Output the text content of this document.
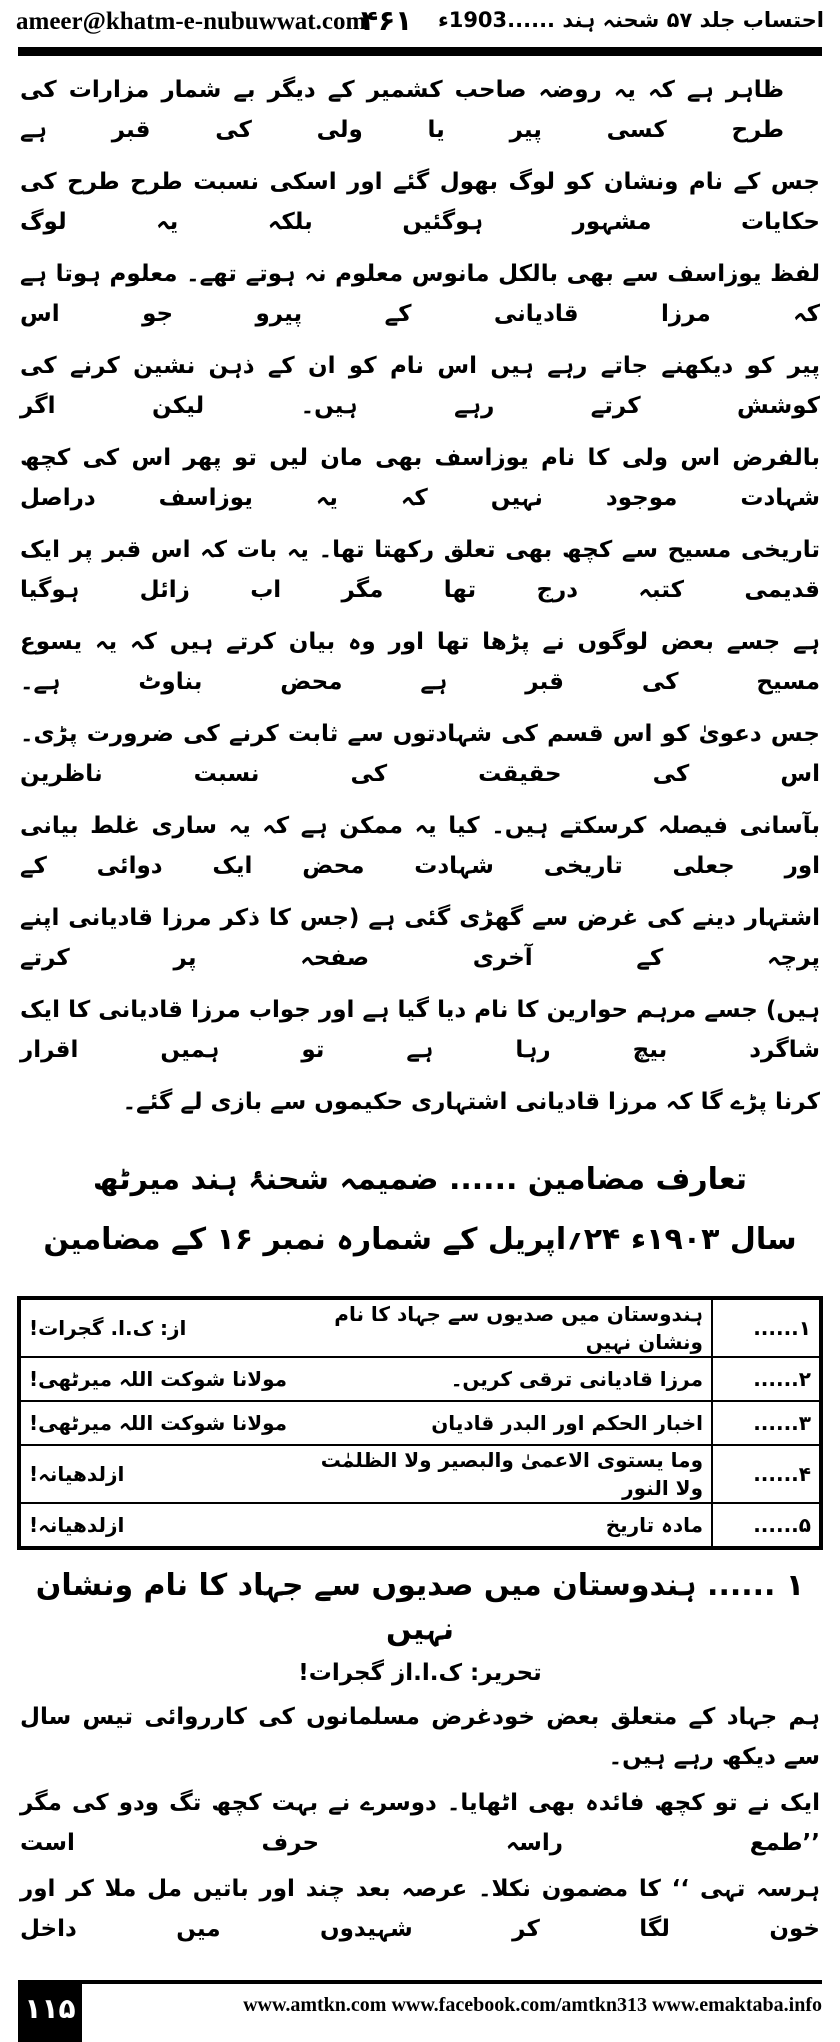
ameer@khatm-e-nubuwwat.com
۴۶۱ احتساب جلد ۵۷ شحنہ ہند ......1903ء
ظاہر ہے کہ یہ روضہ صاحب کشمیر کے دیگر بے شمار مزارات کی طرح کسی پیر یا ولی کی قبر ہے
جس کے نام ونشان کو لوگ بھول گئے اور اسکی نسبت طرح طرح کی حکایات مشہور ہوگئیں بلکہ یہ لوگ
لفظ یوزاسف سے بھی بالکل مانوس معلوم نہ ہوتے تھے۔ معلوم ہوتا ہے کہ مرزا قادیانی کے پیرو جو اس
پیر کو دیکھنے جاتے رہے ہیں اس نام کو ان کے ذہن نشین کرنے کی کوشش کرتے رہے ہیں۔ لیکن اگر
بالفرض اس ولی کا نام یوزاسف بھی مان لیں تو پھر اس کی کچھ شہادت موجود نہیں کہ یہ یوزاسف دراصل
تاریخی مسیح سے کچھ بھی تعلق رکھتا تھا۔ یہ بات کہ اس قبر پر ایک قدیمی کتبہ درج تھا مگر اب زائل ہوگیا
ہے جسے بعض لوگوں نے پڑھا تھا اور وہ بیان کرتے ہیں کہ یہ یسوع مسیح کی قبر ہے محض بناوٹ ہے۔
جس دعویٰ کو اس قسم کی شہادتوں سے ثابت کرنے کی ضرورت پڑی۔ اس کی حقیقت کی نسبت ناظرین
بآسانی فیصلہ کرسکتے ہیں۔ کیا یہ ممکن ہے کہ یہ ساری غلط بیانی اور جعلی تاریخی شہادت محض ایک دوائی کے
اشتہار دینے کی غرض سے گھڑی گئی ہے (جس کا ذکر مرزا قادیانی اپنے پرچہ کے آخری صفحہ پر کرتے
ہیں) جسے مرہم حوارین کا نام دیا گیا ہے اور جواب مرزا قادیانی کا ایک شاگرد بیچ رہا ہے تو ہمیں اقرار
کرنا پڑے گا کہ مرزا قادیانی اشتہاری حکیموں سے بازی لے گئے۔
تعارف مضامین ...... ضمیمہ شحنۂ ہند میرٹھ
سال ۱۹۰۳ء ۲۴؍اپریل کے شمارہ نمبر ۱۶ کے مضامین
۱......	ہندوستان میں صدیوں سے جہاد کا نام ونشان نہیں	از: ک.ا. گجرات!
۲......	مرزا قادیانی ترقی کریں۔	مولانا شوکت اللہ میرٹھی!
۳......	اخبار الحکم اور البدر قادیان	مولانا شوکت اللہ میرٹھی!
۴......	وما یستوی الاعمیٰ والبصیر ولا الظلمٰت ولا النور	ازلدھیانہ!
۵......	مادہ تاریخ	ازلدھیانہ!
۱ ...... ہندوستان میں صدیوں سے جہاد کا نام ونشان نہیں
تحریر: ک.ا.از گجرات!
ہم جہاد کے متعلق بعض خودغرض مسلمانوں کی کارروائی تیس سال سے دیکھ رہے ہیں۔
ایک نے تو کچھ فائدہ بھی اٹھایا۔ دوسرے نے بہت کچھ تگ ودو کی مگر ’’طمع راسہ حرف است
ہرسہ تہی ‘‘ کا مضمون نکلا۔ عرصہ بعد چند اور باتیں مل ملا کر اور خون لگا کر شہیدوں میں داخل
۱۱۵	www.amtkn.com www.facebook.com/amtkn313 www.emaktaba.info
